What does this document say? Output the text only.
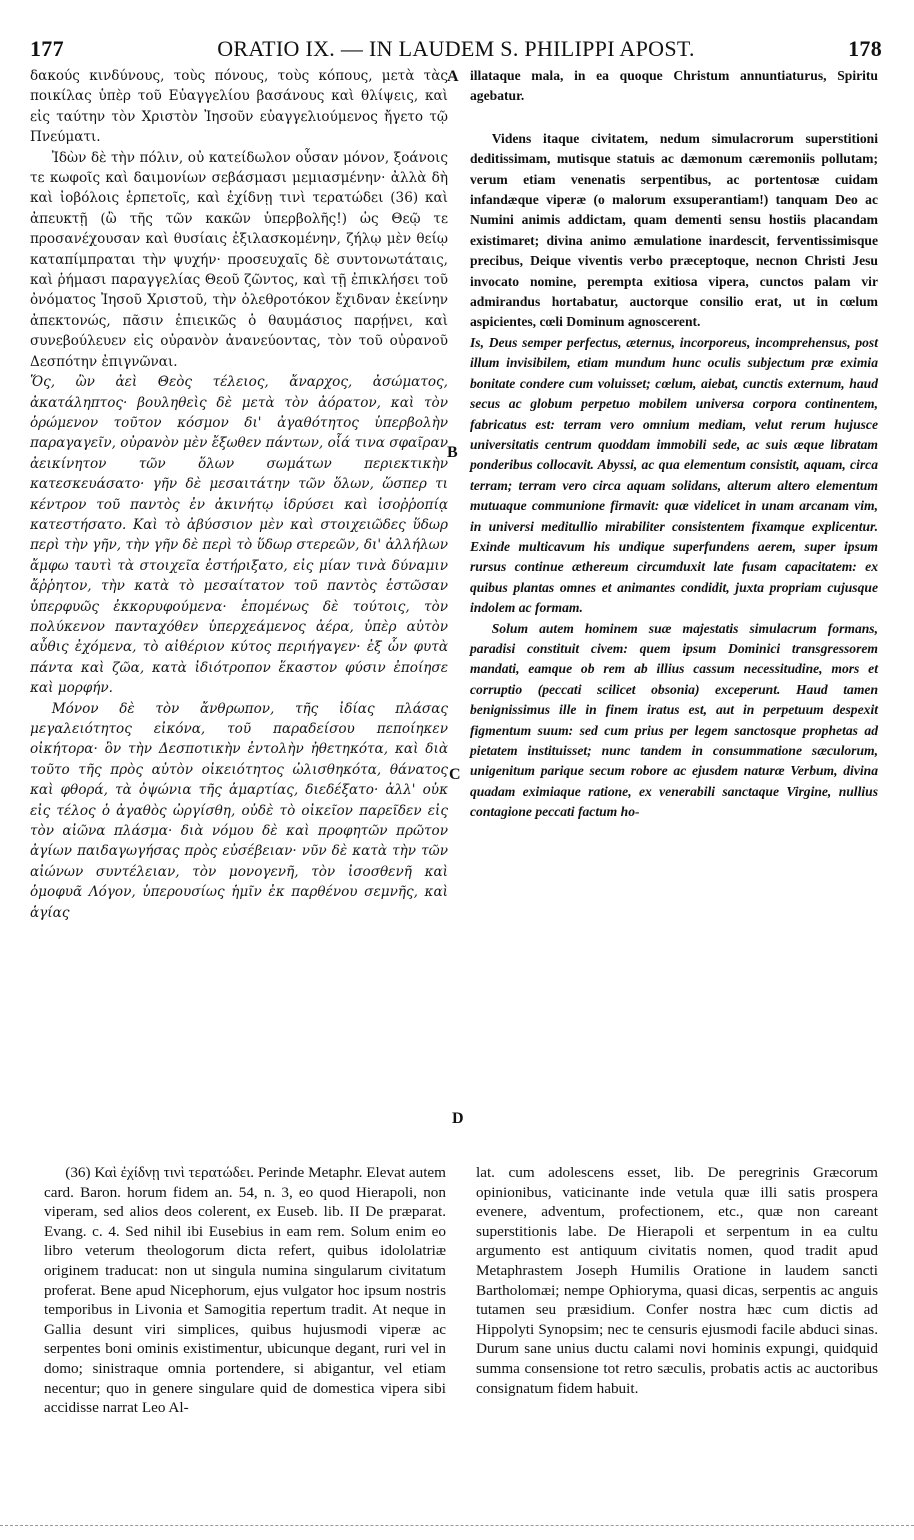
177	ORATIO IX. — IN LAUDEM S. PHILIPPI APOST.	178

δακούς κινδύνους, τοὺς πόνους, τοὺς κόπους, μετὰ τὰς ποικίλας ὑπὲρ τοῦ Εὐαγγελίου βασάνους καὶ θλίψεις, καὶ εἰς ταύτην τὸν Χριστὸν Ἰησοῦν εὐαγγελιούμενος ἤγετο τῷ Πνεύματι.

Ἰδὼν δὲ τὴν πόλιν, οὐ κατείδωλον οὖσαν μόνον, ξοάνοις τε κωφοῖς καὶ δαιμονίων σεβάσμασι μεμιασμένην· ἀλλὰ δὴ καὶ ἰοβόλοις ἑρπετοῖς, καὶ ἐχίδνῃ τινὶ τερατώδει (36) καὶ ἀπευκτῇ (ὢ τῆς τῶν κακῶν ὑπερβολῆς!) ὡς Θεῷ τε προσανέχουσαν καὶ θυσίαις ἐξιλασκομένην, ζήλῳ μὲν θείῳ καταπίμπραται τὴν ψυχήν· προσευχαῖς δὲ συντονωτάταις, καὶ ῥήμασι παραγγελίας Θεοῦ ζῶντος, καὶ τῇ ἐπικλήσει τοῦ ὀνόματος Ἰησοῦ Χριστοῦ, τὴν ὀλεθροτόκον ἔχιδναν ἐκείνην ἀπεκτονώς, πᾶσιν ἐπιεικῶς ὁ θαυμάσιος παρῄνει, καὶ συνεβούλευεν εἰς οὐρανὸν ἀνανεύοντας, τὸν τοῦ οὐρανοῦ Δεσπότην ἐπιγνῶναι.

Ὅς, ὢν ἀεὶ Θεὸς τέλειος, ἄναρχος, ἀσώματος, ἀκατάληπτος· βουληθεὶς δὲ μετὰ τὸν ἀόρατον, καὶ τὸν ὁρώμενον τοῦτον κόσμον δι' ἀγαθότητος ὑπερβολὴν παραγαγεῖν, οὐρανὸν μὲν ἔξωθεν πάντων, οἷά τινα σφαῖραν ἀεικίνητον τῶν ὅλων σωμάτων περιεκτικὴν κατεσκευάσατο· γῆν δὲ μεσαιτάτην τῶν ὅλων, ὥσπερ τι κέντρον τοῦ παντὸς ἐν ἀκινήτῳ ἱδρύσει καὶ ἰσοῤῥοπίᾳ κατεστήσατο. Καὶ τὸ ἀβύσσιον μὲν καὶ στοιχειῶδες ὕδωρ περὶ τὴν γῆν, τὴν γῆν δὲ περὶ τὸ ὕδωρ στερεῶν, δι' ἀλλήλων ἄμφω ταυτὶ τὰ στοιχεῖα ἐστήριξατο, εἰς μίαν τινὰ δύναμιν ἄῤῥητον, τὴν κατὰ τὸ μεσαίτατον τοῦ παντὸς ἑστῶσαν ὑπερφυῶς ἐκκορυφούμενα· ἑπομένως δὲ τούτοις, τὸν πολύκενον πανταχόθεν ὑπερχεάμενος ἀέρα, ὑπὲρ αὐτὸν αὖθις ἐχόμενα, τὸ αἰθέριον κύτος περιήγαγεν· ἐξ ὧν φυτὰ πάντα καὶ ζῶα, κατὰ ἰδιότροπον ἕκαστον φύσιν ἐποίησε καὶ μορφήν.

Μόνον δὲ τὸν ἄνθρωπον, τῆς ἰδίας πλάσας μεγαλειότητος εἰκόνα, τοῦ παραδείσου πεποίηκεν οἰκήτορα· ὃν τὴν Δεσποτικὴν ἐντολὴν ἠθετηκότα, καὶ διὰ τοῦτο τῆς πρὸς αὐτὸν οἰκειότητος ὠλισθηκότα, θάνατος καὶ φθορά, τὰ ὀψώνια τῆς ἁμαρτίας, διεδέξατο· ἀλλ' οὐκ εἰς τέλος ὁ ἀγαθὸς ὠργίσθη, οὐδὲ τὸ οἰκεῖον παρεῖδεν εἰς τὸν αἰῶνα πλάσμα· διὰ νόμου δὲ καὶ προφητῶν πρῶτον ἀγίων παιδαγωγήσας πρὸς εὐσέβειαν· νῦν δὲ κατὰ τὴν τῶν αἰώνων συντέλειαν, τὸν μονογενῆ, τὸν ἰσοσθενῆ καὶ ὁμοφυᾶ Λόγον, ὑπερουσίως ἡμῖν ἐκ παρθένου σεμνῆς, καὶ ἁγίας

A
B
C
D

illataque mala, in ea quoque Christum annuntiaturus, Spiritu agebatur.

Videns itaque civitatem, nedum simulacrorum superstitioni deditissimam, mutisque statuis ac dæmonum cæremoniis pollutam; verum etiam venenatis serpentibus, ac portentosæ cuidam infandæque viperæ (o malorum exsuperantiam!) tanquam Deo ac Numini animis addictam, quam dementi sensu hostiis placandam existimaret; divina animo æmulatione inardescit, ferventissimisque precibus, Deique viventis verbo præceptoque, necnon Christi Jesu invocato nomine, perempta exitiosa vipera, cunctos palam vir admirandus hortabatur, auctorque consilio erat, ut in cœlum aspicientes, cœli Dominum agnoscerent.

Is, Deus semper perfectus, æternus, incorporeus, incomprehensus, post illum invisibilem, etiam mundum hunc oculis subjectum præ eximia bonitate condere cum voluisset; cœlum, aiebat, cunctis externum, haud secus ac globum perpetuo mobilem universa corpora continentem, fabricatus est: terram vero omnium mediam, velut rerum hujusce universitatis centrum quoddam immobili sede, ac suis æque libratam ponderibus collocavit. Abyssi, ac qua elementum consistit, aquam, circa terram; terram vero circa aquam solidans, alterum altero elementum mutuaque communione firmavit: quæ videlicet in unam arcanam vim, in universi meditullio mirabiliter consistentem fixamque explicentur. Exinde multicavum his undique superfundens aerem, super ipsum rursus continue æthereum circumduxit late fusam capacitatem: ex quibus plantas omnes et animantes condidit, juxta propriam cujusque indolem ac formam.

Solum autem hominem suæ majestatis simulacrum formans, paradisi constituit civem: quem ipsum Dominici transgressorem mandati, eamque ob rem ab illius cassum necessitudine, mors et corruptio (peccati scilicet obsonia) exceperunt. Haud tamen benignissimus ille in finem iratus est, aut in perpetuum despexit figmentum suum: sed cum prius per legem sanctosque prophetas ad pietatem instituisset; nunc tandem in consummatione sæculorum, unigenitum parique secum robore ac ejusdem naturæ Verbum, divina quadam eximiaque ratione, ex venerabili sanctaque Virgine, nullius contagione peccati factum ho-

(36) Καὶ ἐχίδνῃ τινὶ τερατώδει. Perinde Metaphr. Elevat autem card. Baron. horum fidem an. 54, n. 3, eo quod Hierapoli, non viperam, sed alios deos colerent, ex Euseb. lib. II De præparat. Evang. c. 4. Sed nihil ibi Eusebius in eam rem. Solum enim eo libro veterum theologorum dicta refert, quibus idololatriæ originem traducat: non ut singula numina singularum civitatum proferat. Bene apud Nicephorum, ejus vulgator hoc ipsum nostris temporibus in Livonia et Samogitia repertum tradit. At neque in Gallia desunt viri simplices, quibus hujusmodi viperæ ac serpentes boni ominis existimentur, ubicunque degant, ruri vel in domo; sinistraque omnia portendere, si abigantur, vel etiam necentur; quo in genere singulare quid de domestica vipera sibi accidisse narrat Leo Al-

lat. cum adolescens esset, lib. De peregrinis Græcorum opinionibus, vaticinante inde vetula quæ illi satis prospera evenere, adventum, profectionem, etc., quæ non careant superstitionis labe. De Hierapoli et serpentum in ea cultu argumento est antiquum civitatis nomen, quod tradit apud Metaphrastem Joseph Humilis Oratione in laudem sancti Bartholomæi; nempe Ophioryma, quasi dicas, serpentis ac anguis tutamen seu præsidium. Confer nostra hæc cum dictis ad Hippolyti Synopsim; nec te censuris ejusmodi facile abduci sinas. Durum sane unius ductu calami novi hominis expungi, quidquid summa consensione tot retro sæculis, probatis actis ac auctoribus consignatum fidem habuit.
